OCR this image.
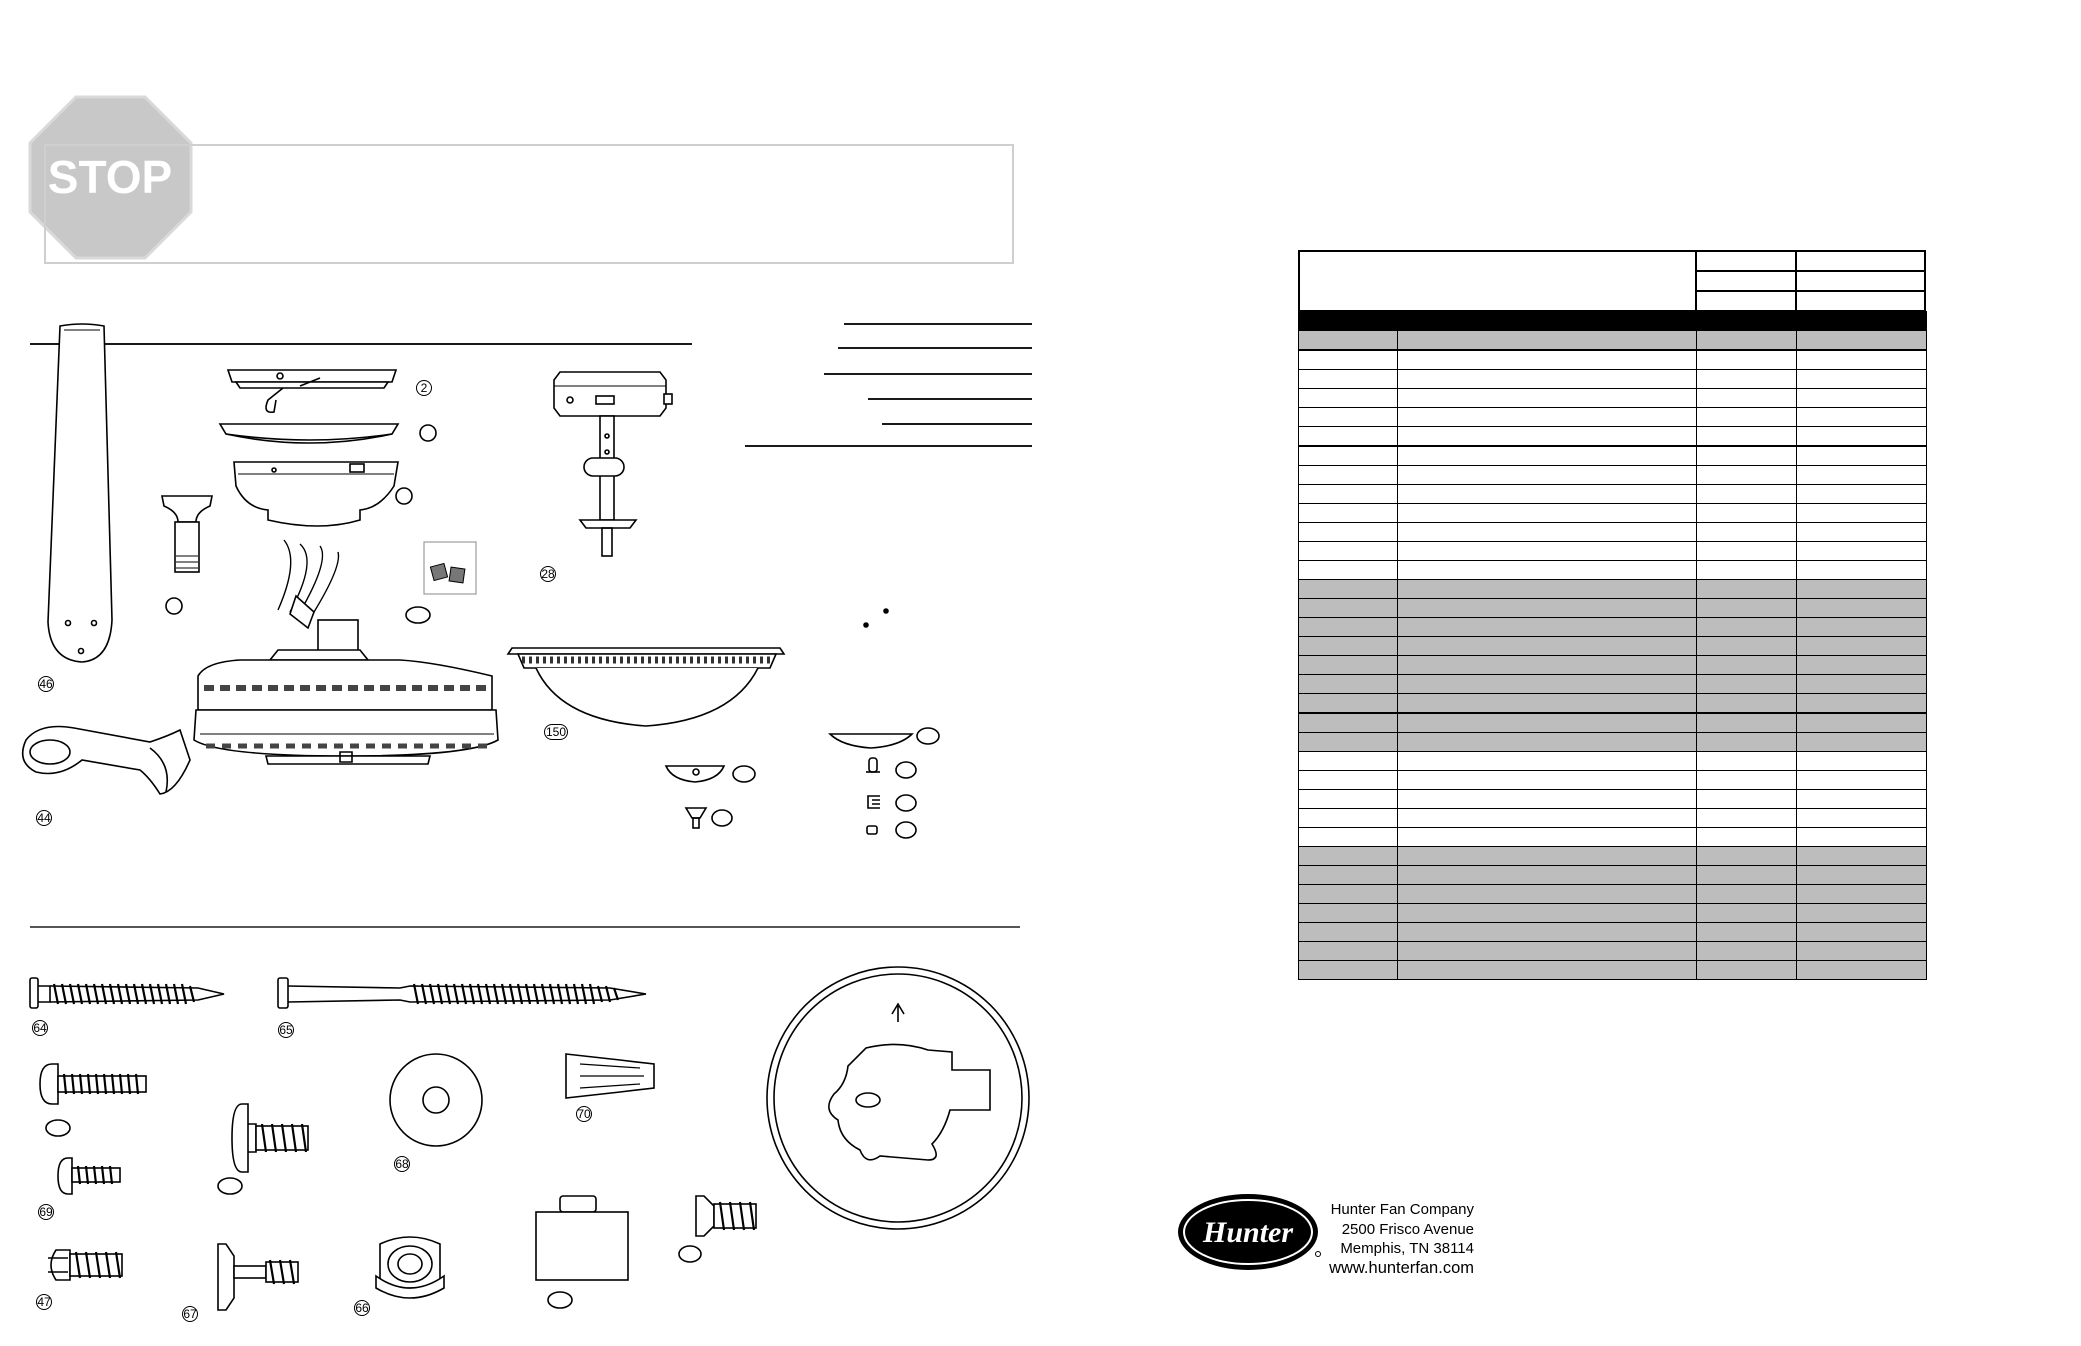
STOP
2
46
44
28
150
64	65
70
68
69
47
67	66

Hunter
Hunter Fan Company
2500 Frisco Avenue
Memphis, TN 38114
www.hunterfan.com
